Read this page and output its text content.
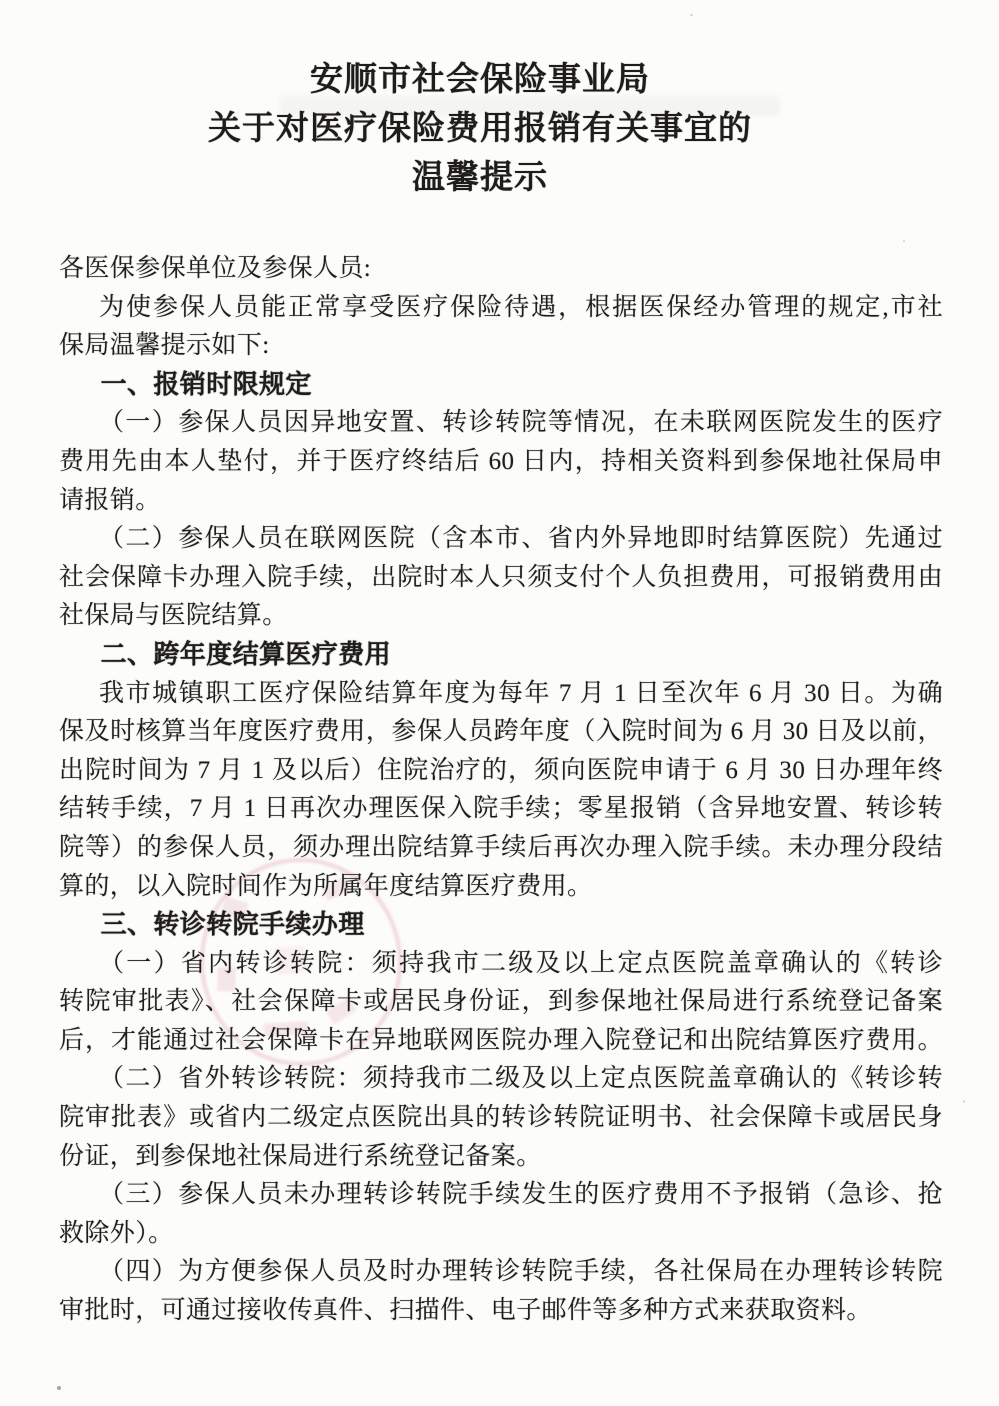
安顺市社会保险事业局
关于对医疗保险费用报销有关事宜的
温馨提示
各医保参保单位及参保人员:
为使参保人员能正常享受医疗保险待遇，根据医保经办管理的规定,市社
保局温馨提示如下:
一、报销时限规定
（一）参保人员因异地安置、转诊转院等情况，在未联网医院发生的医疗
费用先由本人垫付，并于医疗终结后 60 日内，持相关资料到参保地社保局申
请报销。
（二）参保人员在联网医院（含本市、省内外异地即时结算医院）先通过
社会保障卡办理入院手续，出院时本人只须支付个人负担费用，可报销费用由
社保局与医院结算。
二、跨年度结算医疗费用
我市城镇职工医疗保险结算年度为每年 7 月 1 日至次年 6 月 30 日。为确
保及时核算当年度医疗费用，参保人员跨年度（入院时间为 6 月 30 日及以前，
出院时间为 7 月 1 及以后）住院治疗的，须向医院申请于 6 月 30 日办理年终
结转手续，7 月 1 日再次办理医保入院手续；零星报销（含异地安置、转诊转
院等）的参保人员，须办理出院结算手续后再次办理入院手续。未办理分段结
算的，以入院时间作为所属年度结算医疗费用。
三、转诊转院手续办理
（一）省内转诊转院：须持我市二级及以上定点医院盖章确认的《转诊
转院审批表》、社会保障卡或居民身份证，到参保地社保局进行系统登记备案
后，才能通过社会保障卡在异地联网医院办理入院登记和出院结算医疗费用。
（二）省外转诊转院：须持我市二级及以上定点医院盖章确认的《转诊转
院审批表》或省内二级定点医院出具的转诊转院证明书、社会保障卡或居民身
份证，到参保地社保局进行系统登记备案。
（三）参保人员未办理转诊转院手续发生的医疗费用不予报销（急诊、抢
救除外）。
（四）为方便参保人员及时办理转诊转院手续，各社保局在办理转诊转院
审批时，可通过接收传真件、扫描件、电子邮件等多种方式来获取资料。
